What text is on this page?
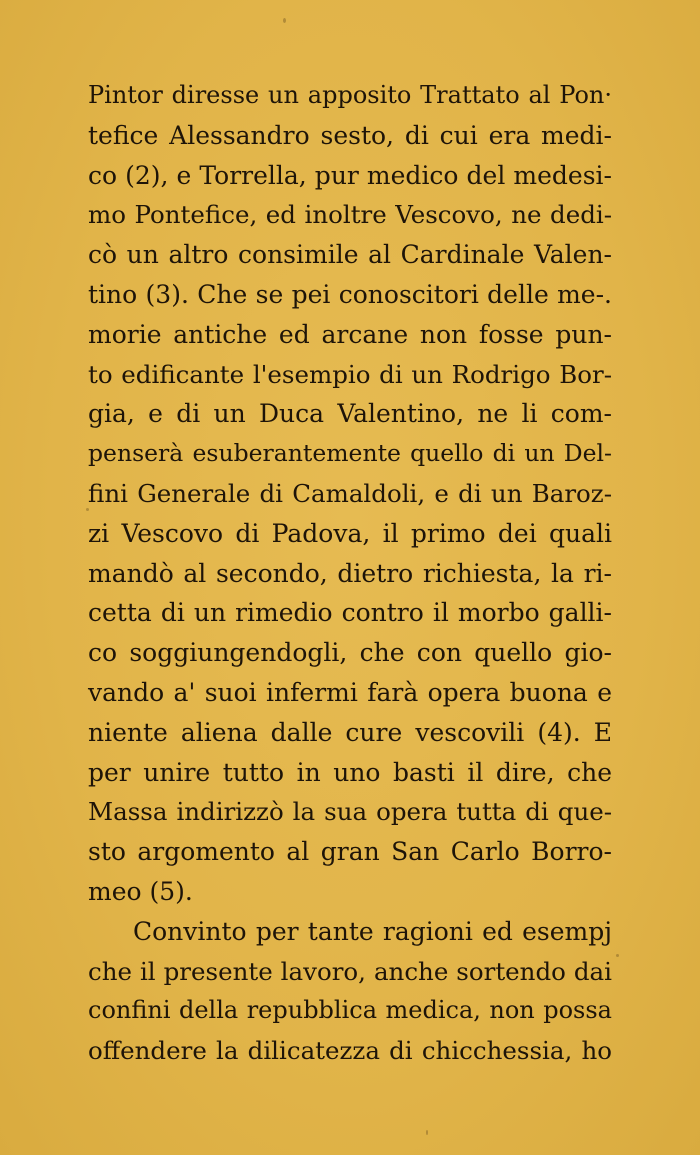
Pintor diresse un apposito Trattato al Pon·
tefice Alessandro sesto, di cui era medi-
co (2), e Torrella, pur medico del medesi-
mo Pontefice, ed inoltre Vescovo, ne dedi-
cò un altro consimile al Cardinale Valen-
tino (3). Che se pei conoscitori delle me-.
morie antiche ed arcane non fosse pun-
to edificante l'esempio di un Rodrigo Bor-
gia, e di un Duca Valentino, ne li com-
penserà esuberantemente quello di un Del-
fini Generale di Camaldoli, e di un Baroz-
zi Vescovo di Padova, il primo dei quali
mandò al secondo, dietro richiesta, la ri-
cetta di un rimedio contro il morbo galli-
co soggiungendogli, che con quello gio-
vando a' suoi infermi farà opera buona e
niente aliena dalle cure vescovili (4). E
per unire tutto in uno basti il dire, che
Massa indirizzò la sua opera tutta di que-
sto argomento al gran San Carlo Borro-
meo (5).
Convinto per tante ragioni ed esempj
che il presente lavoro, anche sortendo dai
confini della repubblica medica, non possa
offendere la dilicatezza di chicchessia, ho
